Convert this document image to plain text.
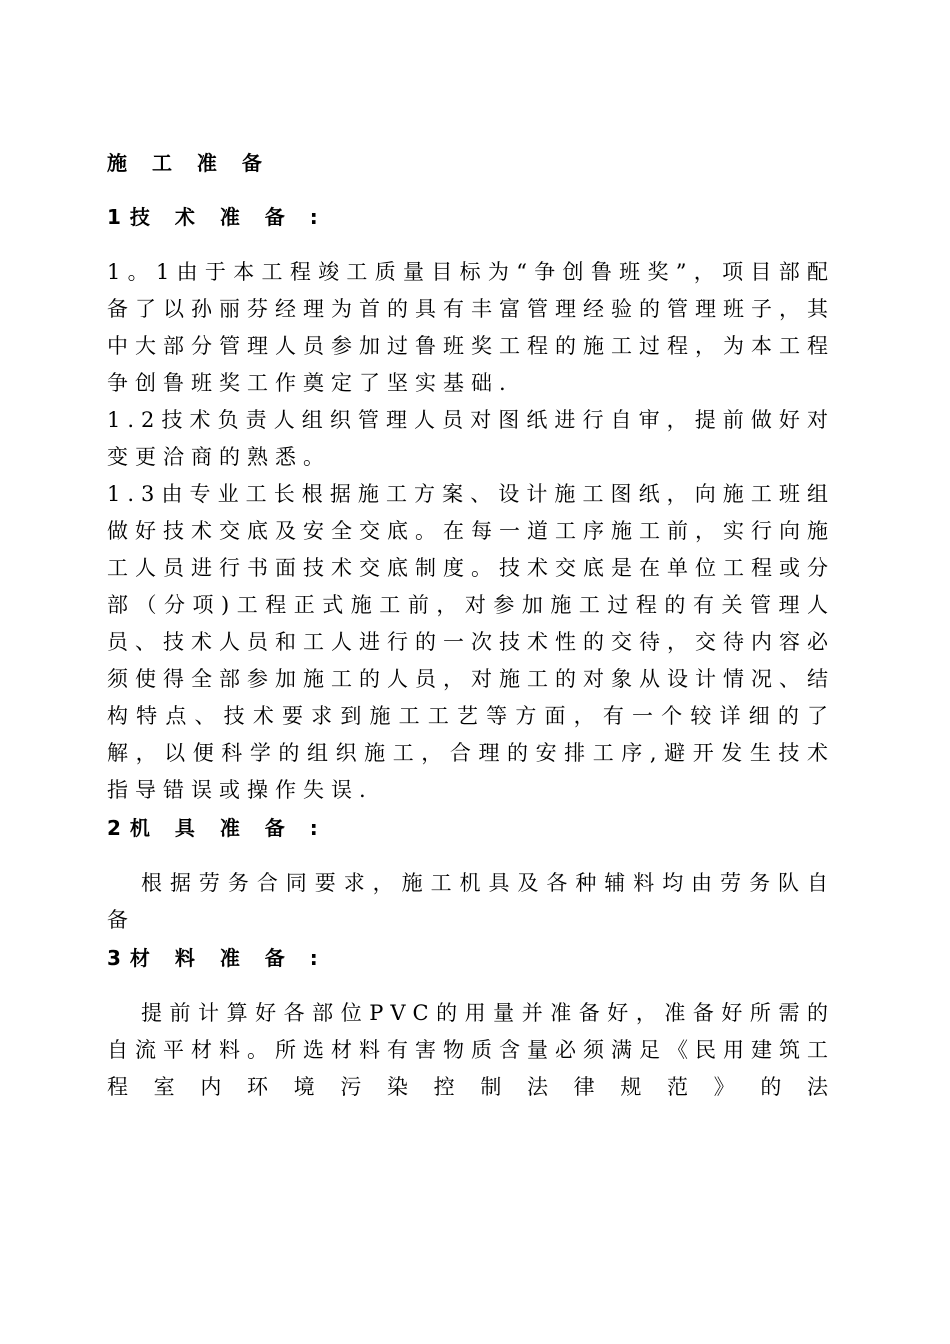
施 工 准 备
1技 术 准 备 :

1。1由于本工程竣工质量目标为“争创鲁班奖”，项目部配备了以孙丽芬经理为首的具有丰富管理经验的管理班子，其中大部分管理人员参加过鲁班奖工程的施工过程，为本工程争创鲁班奖工作奠定了坚实基础.

1.2技术负责人组织管理人员对图纸进行自审，提前做好对变更洽商的熟悉。

1.3由专业工长根据施工方案、设计施工图纸，向施工班组做好技术交底及安全交底。在每一道工序施工前，实行向施工人员进行书面技术交底制度。技术交底是在单位工程或分部（分项)工程正式施工前，对参加施工过程的有关管理人员、技术人员和工人进行的一次技术性的交待，交待内容必须使得全部参加施工的人员，对施工的对象从设计情况、结构特点、技术要求到施工工艺等方面，有一个较详细的了解，以便科学的组织施工，合理的安排工序,避开发生技术指导错误或操作失误.

2机 具 准 备 :

根据劳务合同要求，施工机具及各种辅料均由劳务队自备

3材 料 准 备 :

提前计算好各部位PVC的用量并准备好，准备好所需的自流平材料。所选材料有害物质含量必须满足《民用建筑工程室内环境污染控制法律规范》的法
